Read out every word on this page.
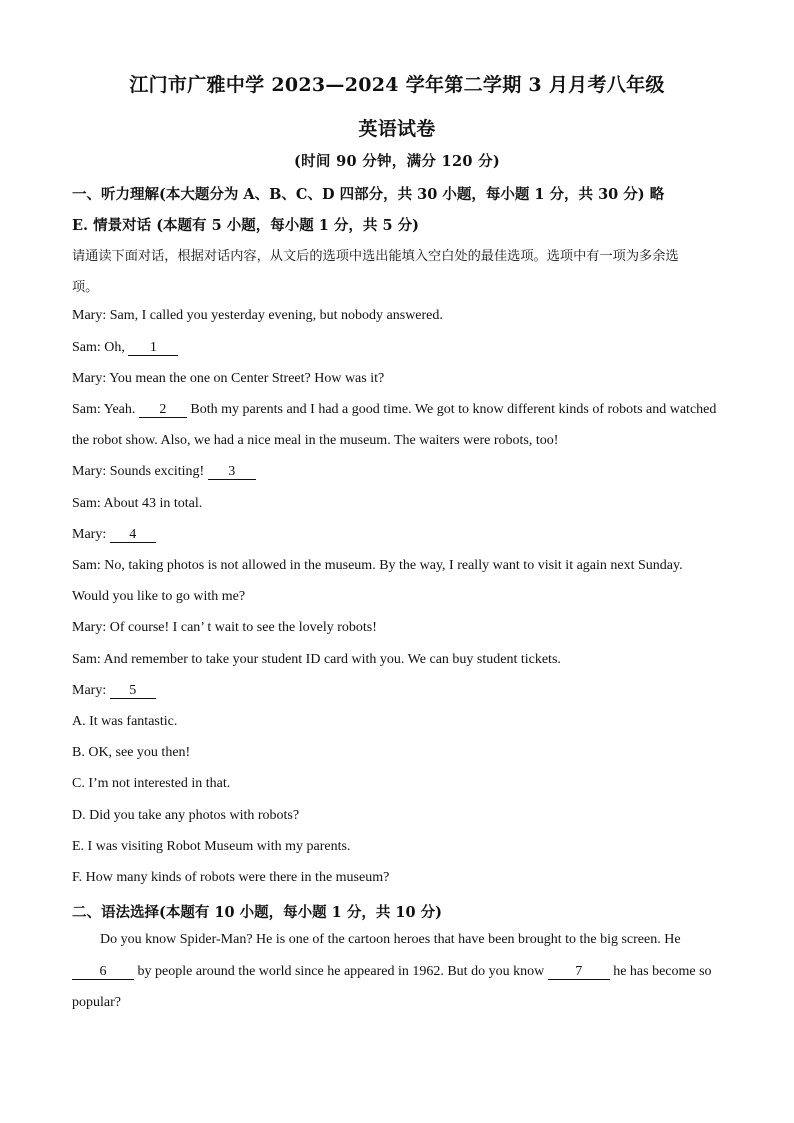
江门市广雅中学 2023—2024 学年第二学期 3 月月考八年级
英语试卷
(时间 90 分钟，满分 120 分)
一、听力理解(本大题分为 A、B、C、D 四部分，共 30 小题，每小题 1 分，共 30 分) 略
E. 情景对话 (本题有 5 小题，每小题 1 分，共 5 分)
请通读下面对话，根据对话内容，从文后的选项中选出能填入空白处的最佳选项。选项中有一项为多余选
项。
Mary: Sam, I called you yesterday evening, but nobody answered.
Sam: Oh, 1
Mary: You mean the one on Center Street? How was it?
Sam: Yeah. 2 Both my parents and I had a good time. We got to know different kinds of robots and watched
the robot show. Also, we had a nice meal in the museum. The waiters were robots, too!
Mary: Sounds exciting! 3
Sam: About 43 in total.
Mary: 4
Sam: No, taking photos is not allowed in the museum. By the way, I really want to visit it again next Sunday.
Would you like to go with me?
Mary: Of course! I can’ t wait to see the lovely robots!
Sam: And remember to take your student ID card with you. We can buy student tickets.
Mary: 5
A. It was fantastic.
B. OK, see you then!
C. I’m not interested in that.
D. Did you take any photos with robots?
E. I was visiting Robot Museum with my parents.
F. How many kinds of robots were there in the museum?
二、语法选择(本题有 10 小题，每小题 1 分，共 10 分)
Do you know Spider-Man? He is one of the cartoon heroes that have been brought to the big screen. He
6 by people around the world since he appeared in 1962. But do you know 7 he has become so
popular?
